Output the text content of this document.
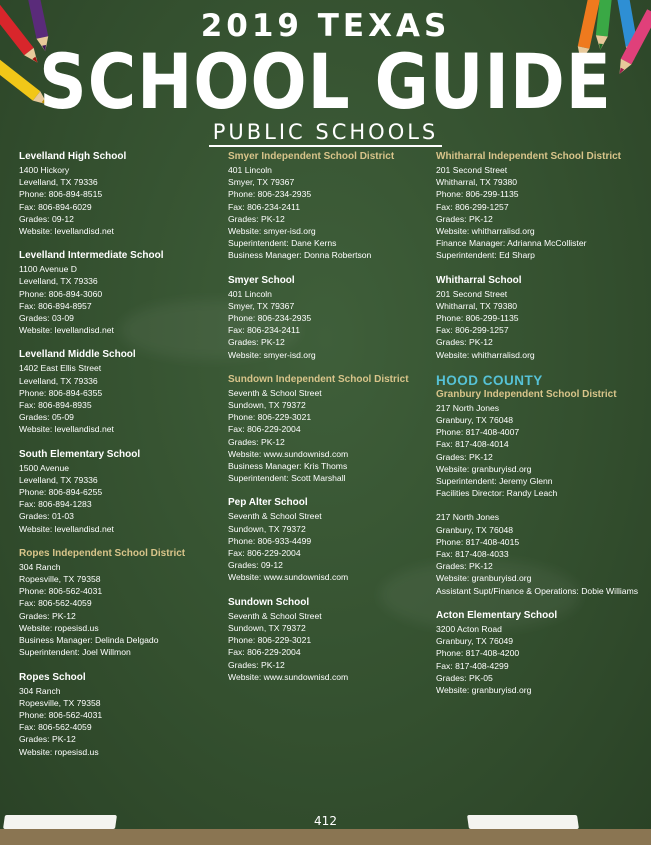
2019 TEXAS
SCHOOL GUIDE
PUBLIC SCHOOLS
Levelland High School
1400 Hickory
Levelland, TX 79336
Phone: 806-894-8515
Fax: 806-894-6029
Grades: 09-12
Website: levellandisd.net
Levelland Intermediate School
1100 Avenue D
Levelland, TX 79336
Phone: 806-894-3060
Fax: 806-894-8957
Grades: 03-09
Website: levellandisd.net
Levelland Middle School
1402 East Ellis Street
Levelland, TX 79336
Phone: 806-894-6355
Fax: 806-894-8935
Grades: 05-09
Website: levellandisd.net
South Elementary School
1500 Avenue
Levelland, TX 79336
Phone: 806-894-6255
Fax: 806-894-1283
Grades: 01-03
Website: levellandisd.net
Ropes Independent School District
304 Ranch
Ropesville, TX 79358
Phone: 806-562-4031
Fax: 806-562-4059
Grades: PK-12
Website: ropesisd.us
Business Manager: Delinda Delgado
Superintendent: Joel Willmon
Ropes School
304 Ranch
Ropesville, TX 79358
Phone: 806-562-4031
Fax: 806-562-4059
Grades: PK-12
Website: ropesisd.us
Smyer Independent School District
401 Lincoln
Smyer, TX 79367
Phone: 806-234-2935
Fax: 806-234-2411
Grades: PK-12
Website: smyer-isd.org
Superintendent: Dane Kerns
Business Manager: Donna Robertson
Smyer School
401 Lincoln
Smyer, TX 79367
Phone: 806-234-2935
Fax: 806-234-2411
Grades: PK-12
Website: smyer-isd.org
Sundown Independent School District
Seventh & School Street
Sundown, TX 79372
Phone: 806-229-3021
Fax: 806-229-2004
Grades: PK-12
Website: www.sundownisd.com
Business Manager: Kris Thoms
Superintendent: Scott Marshall
Pep Alter School
Seventh & School Street
Sundown, TX 79372
Phone: 806-933-4499
Fax: 806-229-2004
Grades: 09-12
Website: www.sundownisd.com
Sundown School
Seventh & School Street
Sundown, TX 79372
Phone: 806-229-3021
Fax: 806-229-2004
Grades: PK-12
Website: www.sundownisd.com
Whitharral Independent School District
201 Second Street
Whitharral, TX 79380
Phone: 806-299-1135
Fax: 806-299-1257
Grades: PK-12
Website: whitharralisd.org
Finance Manager: Adrianna McCollister
Superintendent: Ed Sharp
Whitharral School
201 Second Street
Whitharral, TX 79380
Phone: 806-299-1135
Fax: 806-299-1257
Grades: PK-12
Website: whitharralisd.org
HOOD COUNTY
Granbury Independent School District
217 North Jones
Granbury, TX 76048
Phone: 817-408-4007
Fax: 817-408-4014
Grades: PK-12
Website: granburyisd.org
Superintendent: Jeremy Glenn
Facilities Director: Randy Leach
217 North Jones
Granbury, TX 76048
Phone: 817-408-4015
Fax: 817-408-4033
Grades: PK-12
Website: granburyisd.org
Assistant Supt/Finance & Operations: Dobie Williams
Acton Elementary School
3200 Acton Road
Granbury, TX 76049
Phone: 817-408-4200
Fax: 817-408-4299
Grades: PK-05
Website: granburyisd.org
412
